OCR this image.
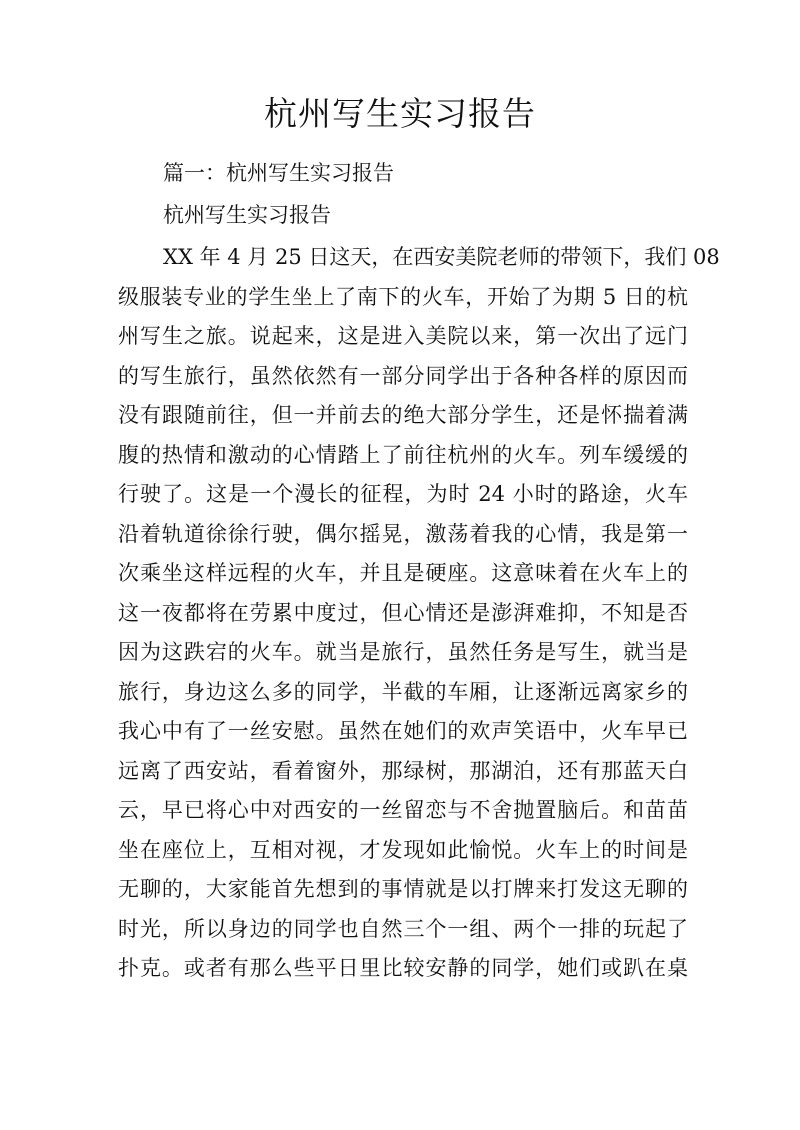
杭州写生实习报告

篇一：杭州写生实习报告

杭州写生实习报告

XX 年 4 月 25 日这天，在西安美院老师的带领下，我们 08
级服装专业的学生坐上了南下的火车，开始了为期 5 日的杭
州写生之旅。说起来，这是进入美院以来，第一次出了远门
的写生旅行，虽然依然有一部分同学出于各种各样的原因而
没有跟随前往，但一并前去的绝大部分学生，还是怀揣着满
腹的热情和激动的心情踏上了前往杭州的火车。列车缓缓的
行驶了。这是一个漫长的征程，为时 24 小时的路途，火车
沿着轨道徐徐行驶，偶尔摇晃，激荡着我的心情，我是第一
次乘坐这样远程的火车，并且是硬座。这意味着在火车上的
这一夜都将在劳累中度过，但心情还是澎湃难抑，不知是否
因为这跌宕的火车。就当是旅行，虽然任务是写生，就当是
旅行，身边这么多的同学，半截的车厢，让逐渐远离家乡的
我心中有了一丝安慰。虽然在她们的欢声笑语中，火车早已
远离了西安站，看着窗外，那绿树，那湖泊，还有那蓝天白
云，早已将心中对西安的一丝留恋与不舍抛置脑后。和苗苗
坐在座位上，互相对视，才发现如此愉悦。火车上的时间是
无聊的，大家能首先想到的事情就是以打牌来打发这无聊的
时光，所以身边的同学也自然三个一组、两个一排的玩起了
扑克。或者有那么些平日里比较安静的同学，她们或趴在桌
